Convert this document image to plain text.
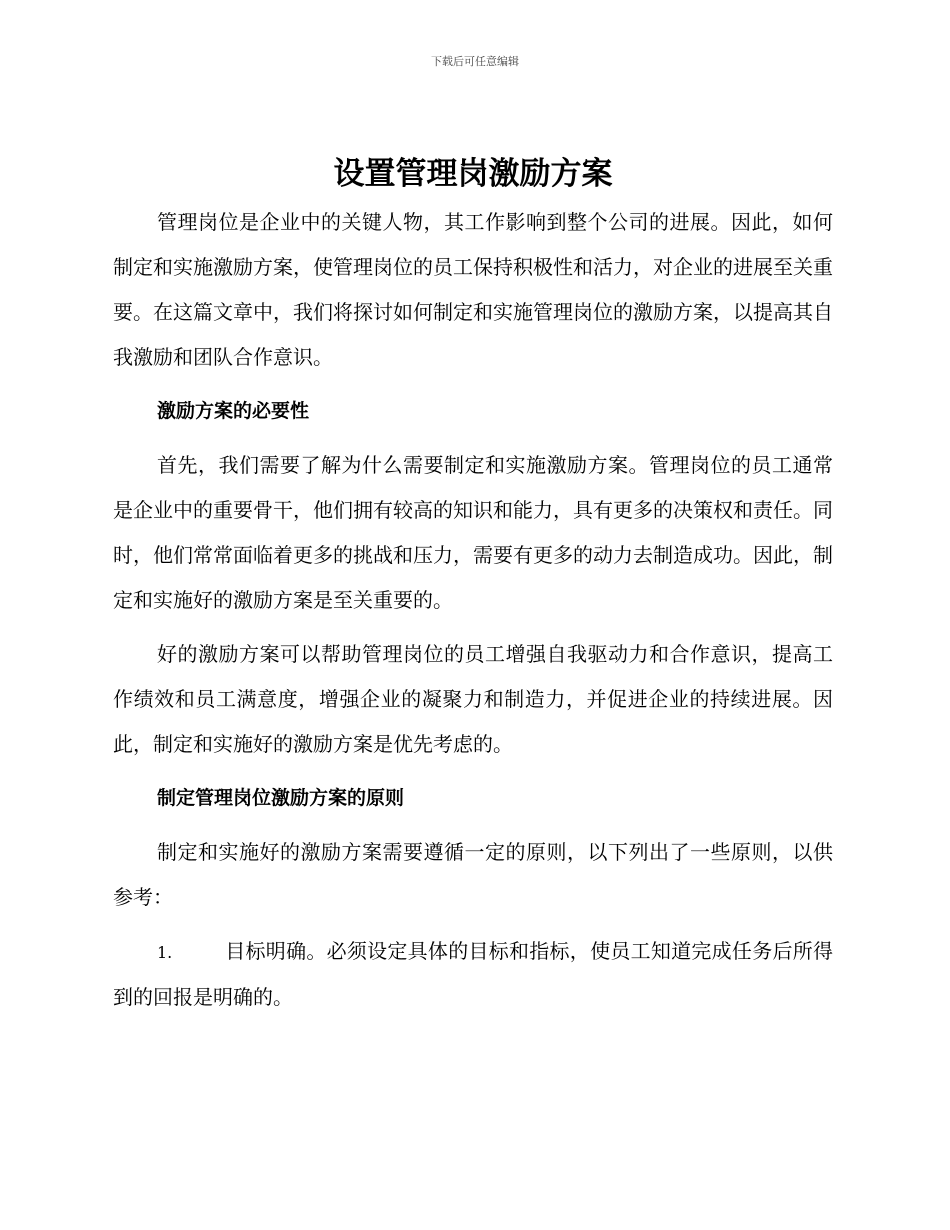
下载后可任意编辑
设置管理岗激励方案

管理岗位是企业中的关键人物，其工作影响到整个公司的进展。因此，如何制定和实施激励方案，使管理岗位的员工保持积极性和活力，对企业的进展至关重要。在这篇文章中，我们将探讨如何制定和实施管理岗位的激励方案，以提高其自我激励和团队合作意识。

激励方案的必要性

首先，我们需要了解为什么需要制定和实施激励方案。管理岗位的员工通常是企业中的重要骨干，他们拥有较高的知识和能力，具有更多的决策权和责任。同时，他们常常面临着更多的挑战和压力，需要有更多的动力去制造成功。因此，制定和实施好的激励方案是至关重要的。

好的激励方案可以帮助管理岗位的员工增强自我驱动力和合作意识，提高工作绩效和员工满意度，增强企业的凝聚力和制造力，并促进企业的持续进展。因此，制定和实施好的激励方案是优先考虑的。

制定管理岗位激励方案的原则

制定和实施好的激励方案需要遵循一定的原则，以下列出了一些原则，以供参考：

1.	目标明确。必须设定具体的目标和指标，使员工知道完成任务后所得到的回报是明确的。
